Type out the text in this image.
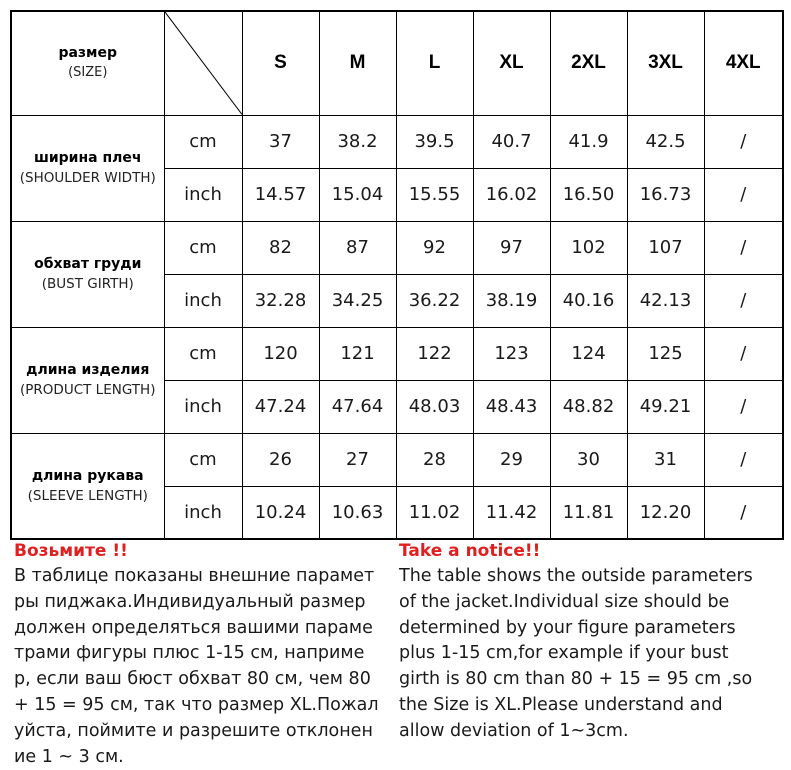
размер
(SIZE)		S	M	L	XL	2XL	3XL	4XL

ширина плеч
(SHOULDER WIDTH)	cm	37	38.2	39.5	40.7	41.9	42.5	/
	inch	14.57	15.04	15.55	16.02	16.50	16.73	/

обхват груди
(BUST GIRTH)	cm	82	87	92	97	102	107	/
	inch	32.28	34.25	36.22	38.19	40.16	42.13	/

длина изделия
(PRODUCT LENGTH)	cm	120	121	122	123	124	125	/
	inch	47.24	47.64	48.03	48.43	48.82	49.21	/

длина рукава
(SLEEVE LENGTH)	cm	26	27	28	29	30	31	/
	inch	10.24	10.63	11.02	11.42	11.81	12.20	/
Возьмите !!
В таблице показаны внешние парамет
ры пиджака.Индивидуальный размер
должен определяться вашими параме
трами фигуры плюс 1-15 см, наприме
р, если ваш бюст обхват 80 см, чем 80
+ 15 = 95 см, так что размер XL.Пожал
уйста, поймите и разрешите отклонен
ие 1 ~ 3 см.
Take a notice!!
The table shows the outside parameters
of the jacket.Individual size should be
determined by your figure parameters
plus 1-15 cm,for example if your bust
girth is 80 cm than 80 + 15 = 95 cm ,so
the Size is XL.Please understand and
allow deviation of 1~3cm.
